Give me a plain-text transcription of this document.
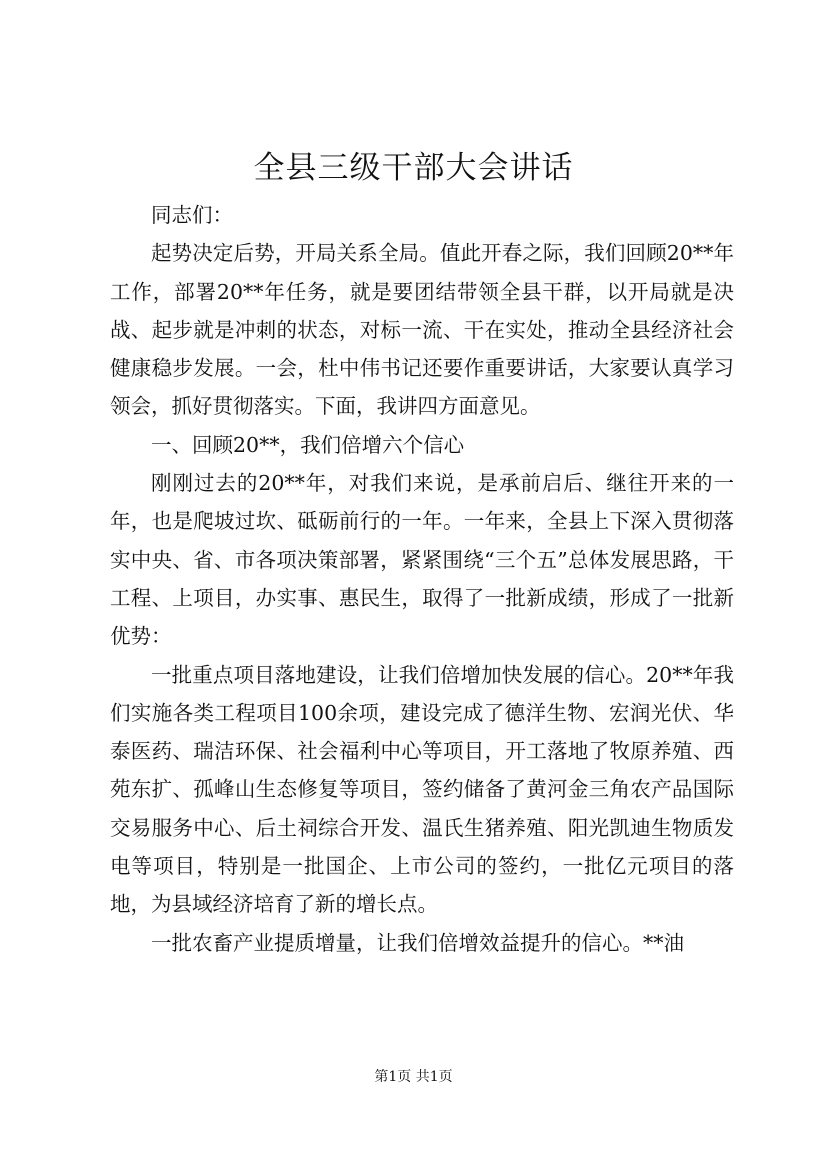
全县三级干部大会讲话

同志们：

起势决定后势，开局关系全局。值此开春之际，我们回顾20**年工作，部署20**年任务，就是要团结带领全县干群，以开局就是决战、起步就是冲刺的状态，对标一流、干在实处，推动全县经济社会健康稳步发展。一会，杜中伟书记还要作重要讲话，大家要认真学习领会，抓好贯彻落实。下面，我讲四方面意见。

一、回顾20**，我们倍增六个信心

刚刚过去的20**年，对我们来说，是承前启后、继往开来的一年，也是爬坡过坎、砥砺前行的一年。一年来，全县上下深入贯彻落实中央、省、市各项决策部署，紧紧围绕“三个五”总体发展思路，干工程、上项目，办实事、惠民生，取得了一批新成绩，形成了一批新优势：

一批重点项目落地建设，让我们倍增加快发展的信心。20**年我们实施各类工程项目100余项，建设完成了德洋生物、宏润光伏、华泰医药、瑞洁环保、社会福利中心等项目，开工落地了牧原养殖、西苑东扩、孤峰山生态修复等项目，签约储备了黄河金三角农产品国际交易服务中心、后土祠综合开发、温氏生猪养殖、阳光凯迪生物质发电等项目，特别是一批国企、上市公司的签约，一批亿元项目的落地，为县域经济培育了新的增长点。

一批农畜产业提质增量，让我们倍增效益提升的信心。**油

第1页 共1页
